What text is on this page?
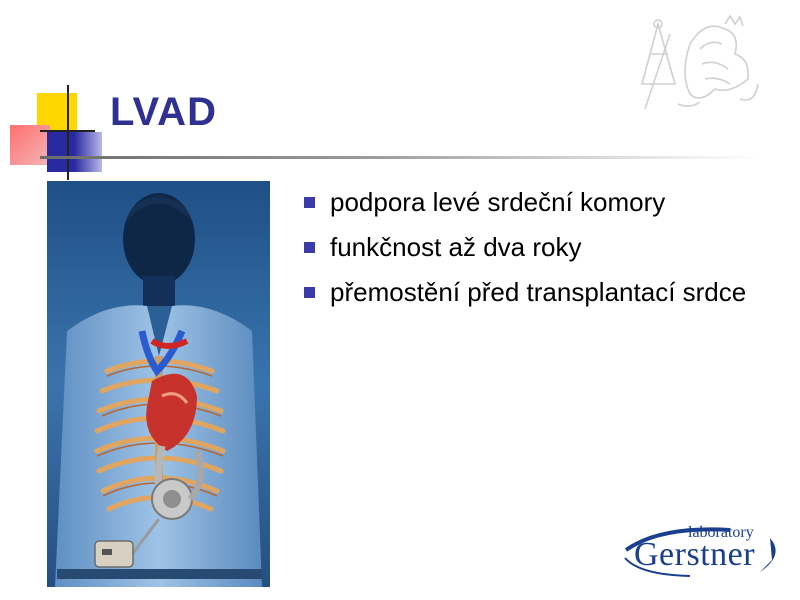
LVAD
podpora levé srdeční komory
funkčnost až dva roky
přemostění před transplantací srdce
laboratory
Gerstner
